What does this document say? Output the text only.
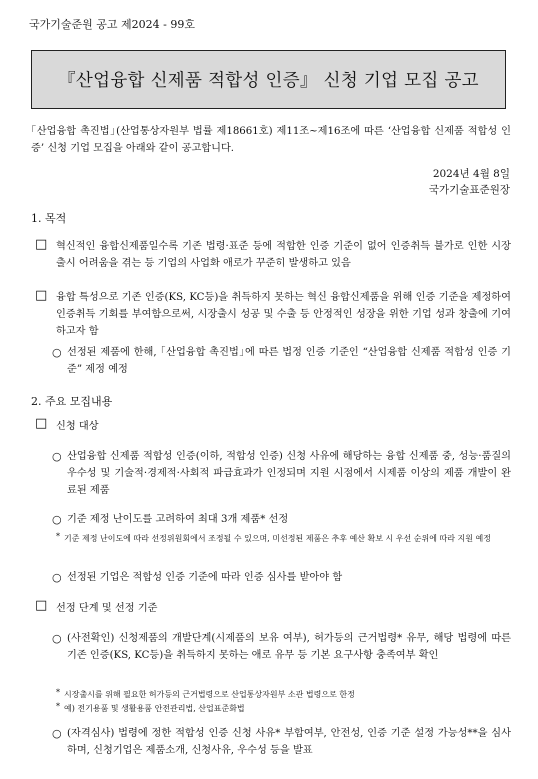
국가기술준원 공고 제2024 - 99호
『산업융합 신제품 적합성 인증』 신청 기업 모집 공고
｢산업융합 촉진법｣(산업통상자원부 법률 제18661호) 제11조~제16조에 따른 ‘산업융합 신제품 적합성 인증’ 신청 기업 모집을 아래와 같이 공고합니다.
2024년 4월 8일
국가기술표준원장
1. 목적
□ 혁신적인 융합신제품일수록 기존 법령·표준 등에 적합한 인증 기준이 없어 인증취득 불가로 인한 시장출시 어려움을 겪는 등 기업의 사업화 애로가 꾸준히 발생하고 있음
□ 융합 특성으로 기존 인증(KS, KC등)을 취득하지 못하는 혁신 융합신제품을 위해 인증 기준을 제정하여 인증취득 기회를 부여함으로써, 시장출시 성공 및 수출 등 안정적인 성장을 위한 기업 성과 창출에 기여하고자 함
○ 선정된 제품에 한해, ｢산업융합 촉진법｣에 따른 법정 인증 기준인 “산업융합 신제품 적합성 인증 기준” 제정 예정
2. 주요 모집내용
□ 신청 대상
○ 산업융합 신제품 적합성 인증(이하, 적합성 인증) 신청 사유에 해당하는 융합 신제품 중, 성능·품질의 우수성 및 기술적·경제적·사회적 파급효과가 인정되며 지원 시점에서 시제품 이상의 제품 개발이 완료된 제품
○ 기준 제정 난이도를 고려하여 최대 3개 제품* 선정
* 기준 제정 난이도에 따라 선정위원회에서 조정될 수 있으며, 미선정된 제품은 추후 예산 확보 시 우선 순위에 따라 지원 예정
○ 선정된 기업은 적합성 인증 기준에 따라 인증 심사를 받아야 함
□ 선정 단계 및 선정 기준
○ (사전확인) 신청제품의 개발단계(시제품의 보유 여부), 허가등의 근거법령* 유무, 해당 법령에 따른 기존 인증(KS, KC등)을 취득하지 못하는 애로 유무 등 기본 요구사항 충족여부 확인
* 시장출시를 위해 필요한 허가등의 근거법령으로 산업통상자원부 소관 법령으로 한정
* 예) 전기용품 및 생활용품 안전관리법, 산업표준화법
○ (자격심사) 법령에 정한 적합성 인증 신청 사유* 부합여부, 안전성, 인증 기준 설정 가능성**을 심사하며, 신청기업은 제품소개, 신청사유, 우수성 등을 발표
